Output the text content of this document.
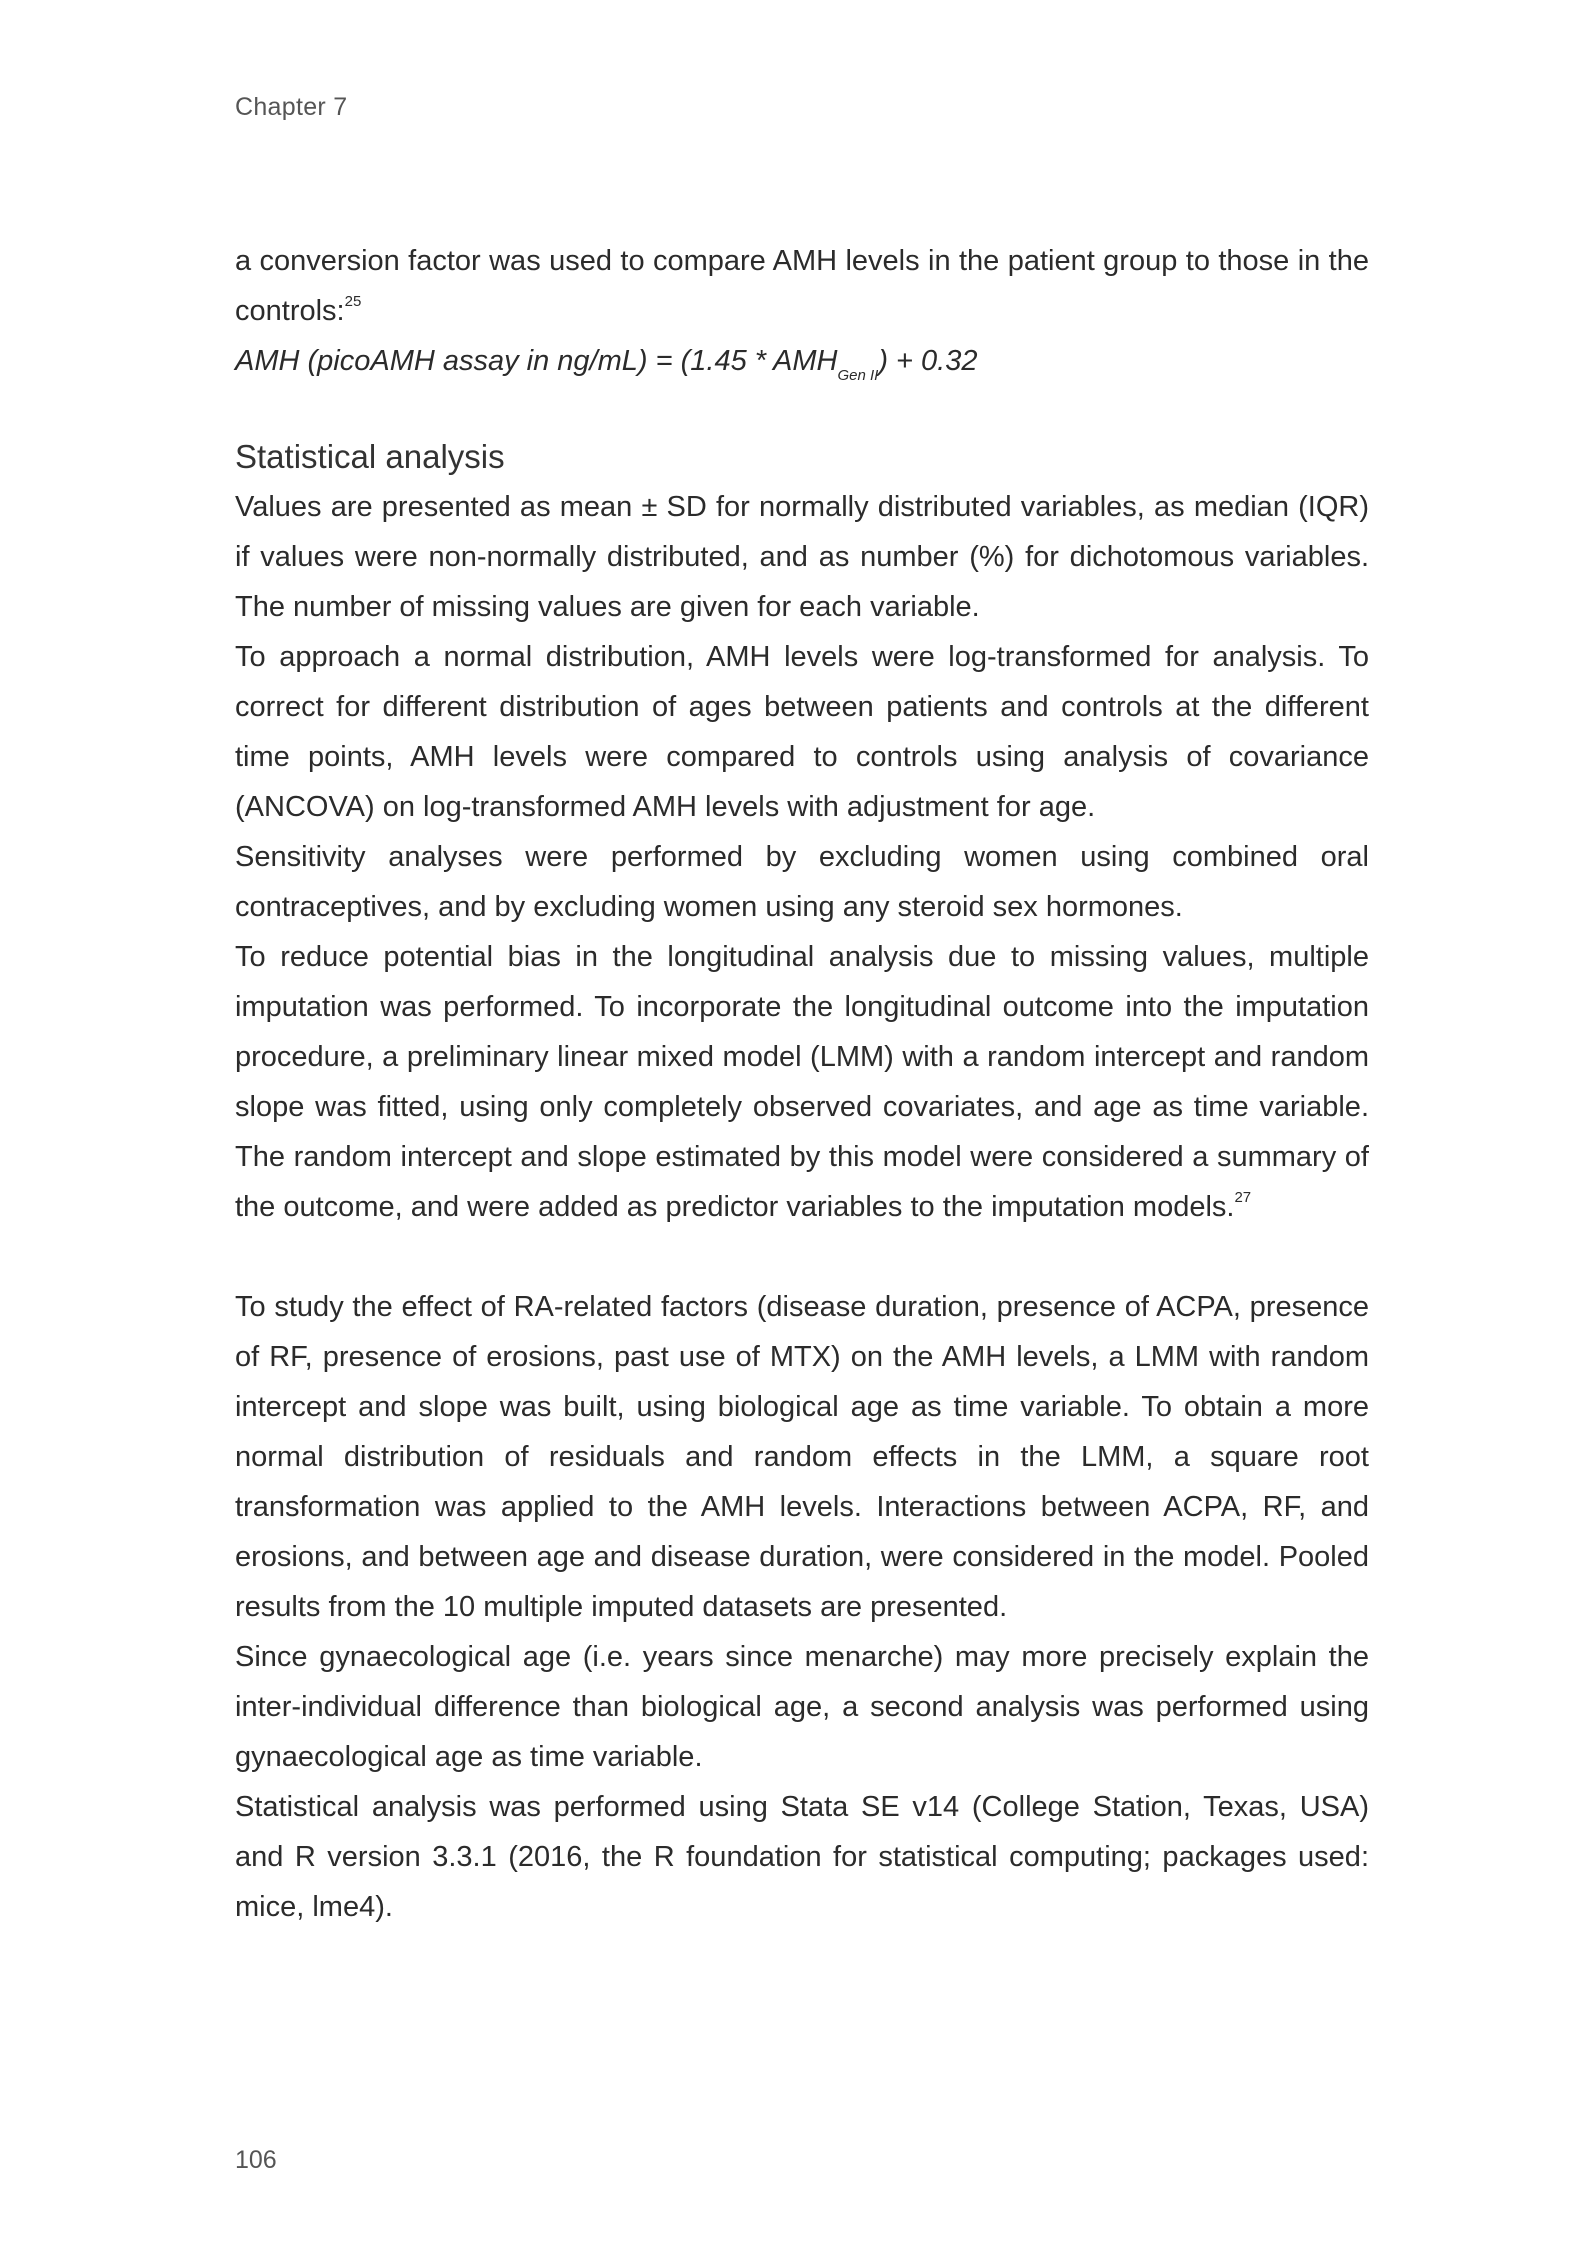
Chapter 7

a conversion factor was used to compare AMH levels in the patient group to those in the controls:$^{25}$

AMH (picoAMH assay in $ng/mL) = (1.45 * AMH_{Gen II}) + 0.32$

Statistical analysis

Values are presented as mean ± SD for normally distributed variables, as median (IQR) if values were non-normally distributed, and as number (%) for dichotomous variables. The number of missing values are given for each variable.

To approach a normal distribution, AMH levels were log-transformed for analysis. To correct for different distribution of ages between patients and controls at the different time points, AMH levels were compared to controls using analysis of covariance (ANCOVA) on log-transformed AMH levels with adjustment for age.

Sensitivity analyses were performed by excluding women using combined oral contraceptives, and by excluding women using any steroid sex hormones.

To reduce potential bias in the longitudinal analysis due to missing values, multiple imputation was performed. To incorporate the longitudinal outcome into the imputation procedure, a preliminary linear mixed model (LMM) with a random intercept and random slope was fitted, using only completely observed covariates, and age as time variable. The random intercept and slope estimated by this model were considered a summary of the outcome, and were added as predictor variables to the imputation models.$^{27}$

To study the effect of RA-related factors (disease duration, presence of ACPA, presence of RF, presence of erosions, past use of MTX) on the AMH levels, a LMM with random intercept and slope was built, using biological age as time variable. To obtain a more normal distribution of residuals and random effects in the LMM, a square root transformation was applied to the AMH levels. Interactions between ACPA, RF, and erosions, and between age and disease duration, were considered in the model. Pooled results from the 10 multiple imputed datasets are presented.

Since gynaecological age (i.e. years since menarche) may more precisely explain the inter-individual difference than biological age, a second analysis was performed using gynaecological age as time variable.

Statistical analysis was performed using Stata SE v14 (College Station, Texas, USA) and R version 3.3.1 (2016, the R foundation for statistical computing; packages used: mice, lme4).

106
